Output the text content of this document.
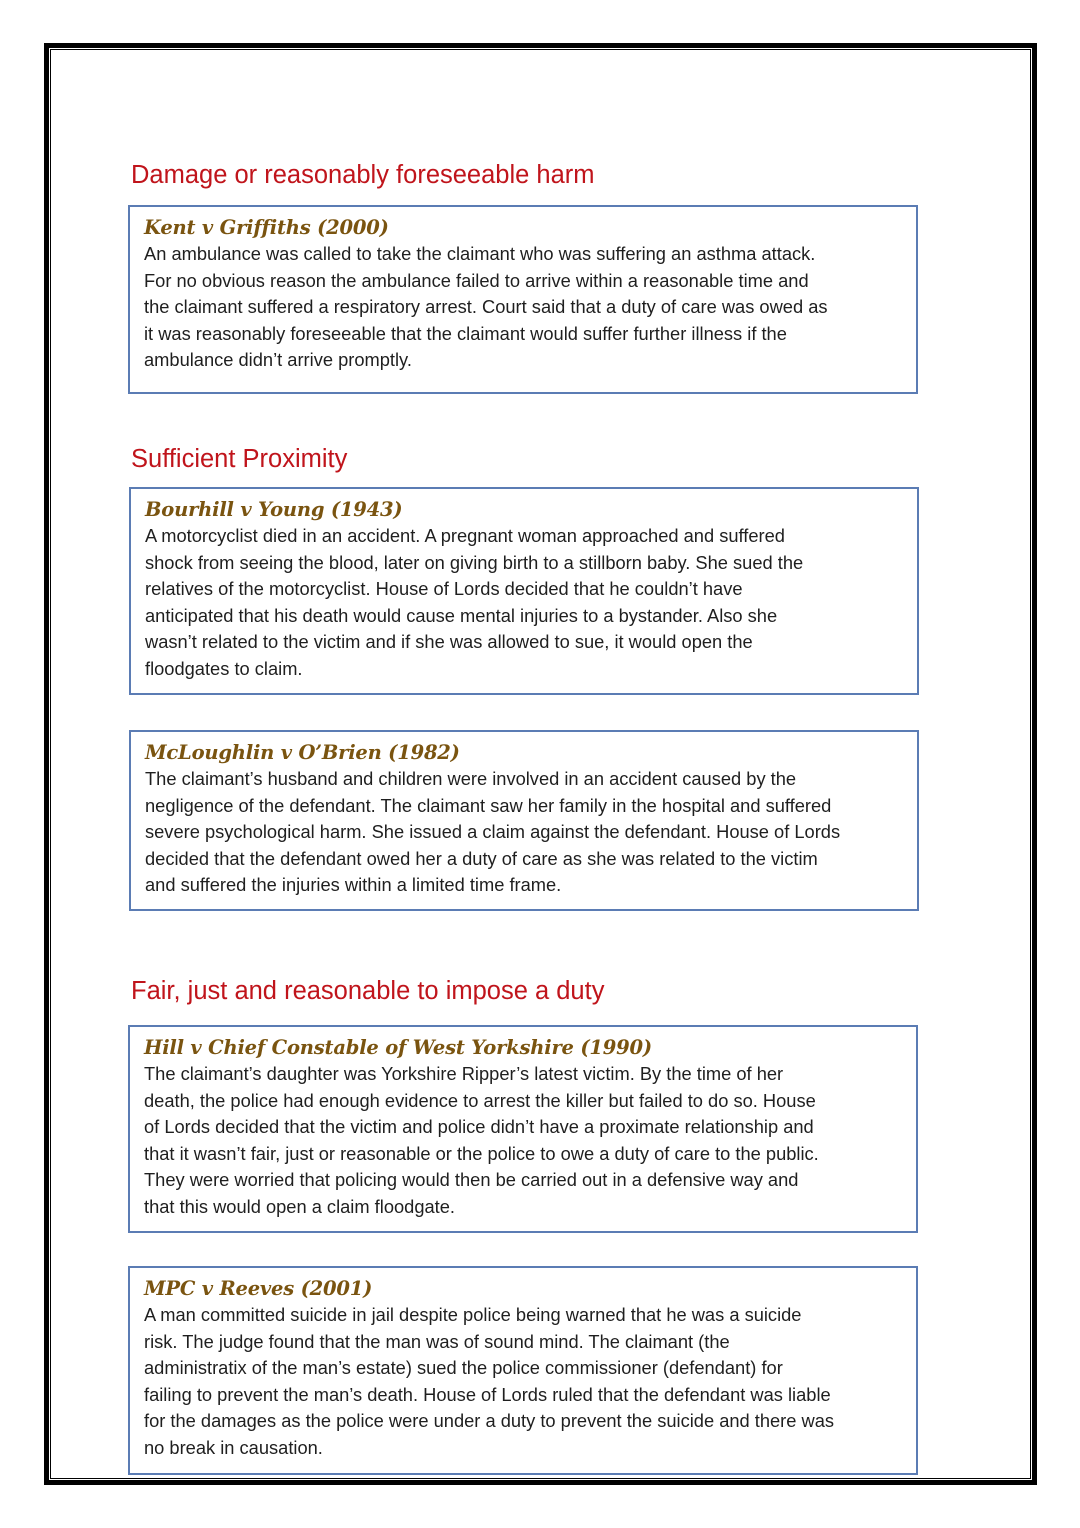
Damage or reasonably foreseeable harm
Kent v Griffiths (2000)

An ambulance was called to take the claimant who was suffering an asthma attack.
For no obvious reason the ambulance failed to arrive within a reasonable time and
the claimant suffered a respiratory arrest. Court said that a duty of care was owed as
it was reasonably foreseeable that the claimant would suffer further illness if the
ambulance didn’t arrive promptly.

Sufficient Proximity
Bourhill v Young (1943)

A motorcyclist died in an accident. A pregnant woman approached and suffered
shock from seeing the blood, later on giving birth to a stillborn baby. She sued the
relatives of the motorcyclist. House of Lords decided that he couldn’t have
anticipated that his death would cause mental injuries to a bystander. Also she
wasn’t related to the victim and if she was allowed to sue, it would open the
floodgates to claim.

McLoughlin v O’Brien (1982)

The claimant’s husband and children were involved in an accident caused by the
negligence of the defendant. The claimant saw her family in the hospital and suffered
severe psychological harm. She issued a claim against the defendant. House of Lords
decided that the defendant owed her a duty of care as she was related to the victim
and suffered the injuries within a limited time frame.

Fair, just and reasonable to impose a duty
Hill v Chief Constable of West Yorkshire (1990)

The claimant’s daughter was Yorkshire Ripper’s latest victim. By the time of her
death, the police had enough evidence to arrest the killer but failed to do so. House
of Lords decided that the victim and police didn’t have a proximate relationship and
that it wasn’t fair, just or reasonable or the police to owe a duty of care to the public.
They were worried that policing would then be carried out in a defensive way and
that this would open a claim floodgate.

MPC v Reeves (2001)

A man committed suicide in jail despite police being warned that he was a suicide
risk. The judge found that the man was of sound mind. The claimant (the
administratix of the man’s estate) sued the police commissioner (defendant) for
failing to prevent the man’s death. House of Lords ruled that the defendant was liable
for the damages as the police were under a duty to prevent the suicide and there was
no break in causation.
